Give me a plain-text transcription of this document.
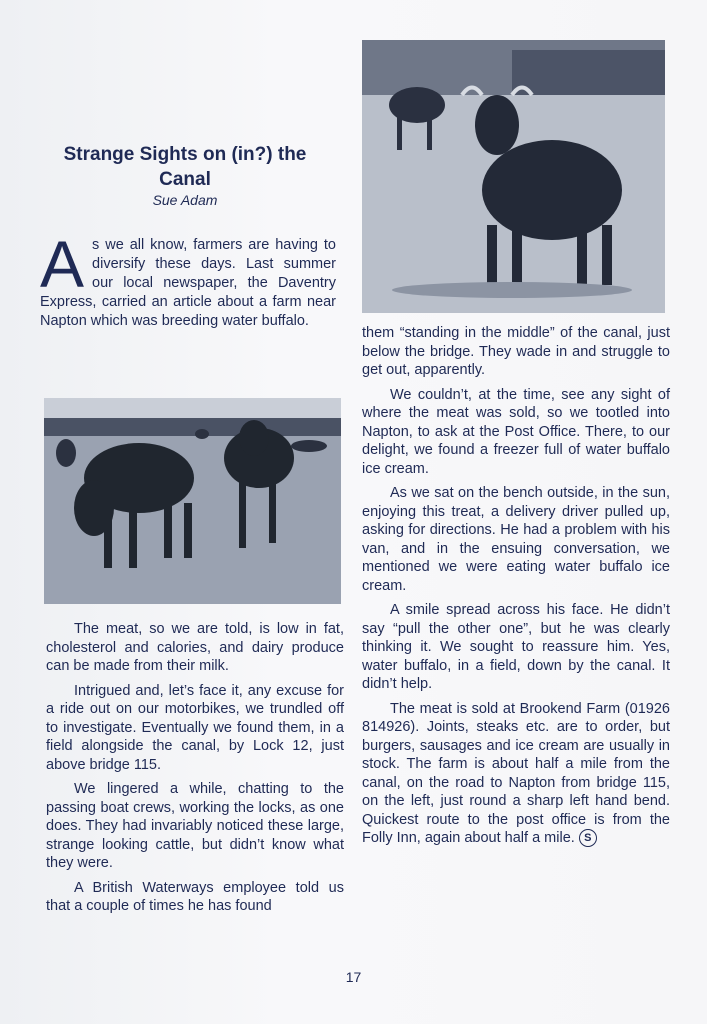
Strange Sights on (in?) the Canal
Sue Adam
A s we all know, farmers are having to diversify these days. Last summer our local newspaper, the Daventry Express, carried an article about a farm near Napton which was breeding water buffalo.

The meat, so we are told, is low in fat, cholesterol and calories, and dairy produce can be made from their milk.

Intrigued and, let’s face it, any excuse for a ride out on our motorbikes, we trundled off to investigate. Eventually we found them, in a field alongside the canal, by Lock 12, just above bridge 115.

We lingered a while, chatting to the passing boat crews, working the locks, as one does. They had invariably noticed these large, strange looking cattle, but didn’t know what they were.

A British Waterways employee told us that a couple of times he has found

them “standing in the middle” of the canal, just below the bridge. They wade in and struggle to get out, apparently.

We couldn’t, at the time, see any sight of where the meat was sold, so we tootled into Napton, to ask at the Post Office. There, to our delight, we found a freezer full of water buffalo ice cream.

As we sat on the bench outside, in the sun, enjoying this treat, a delivery driver pulled up, asking for directions. He had a problem with his van, and in the ensuing conversation, we mentioned we were eating water buffalo ice cream.

A smile spread across his face. He didn’t say “pull the other one”, but he was clearly thinking it. We sought to reassure him. Yes, water buffalo, in a field, down by the canal. It didn’t help.

The meat is sold at Brookend Farm (01926 814926). Joints, steaks etc. are to order, but burgers, sausages and ice cream are usually in stock. The farm is about half a mile from the canal, on the road to Napton from bridge 115, on the left, just round a sharp left hand bend. Quickest route to the post office is from the Folly Inn, again about half a mile. S

17
